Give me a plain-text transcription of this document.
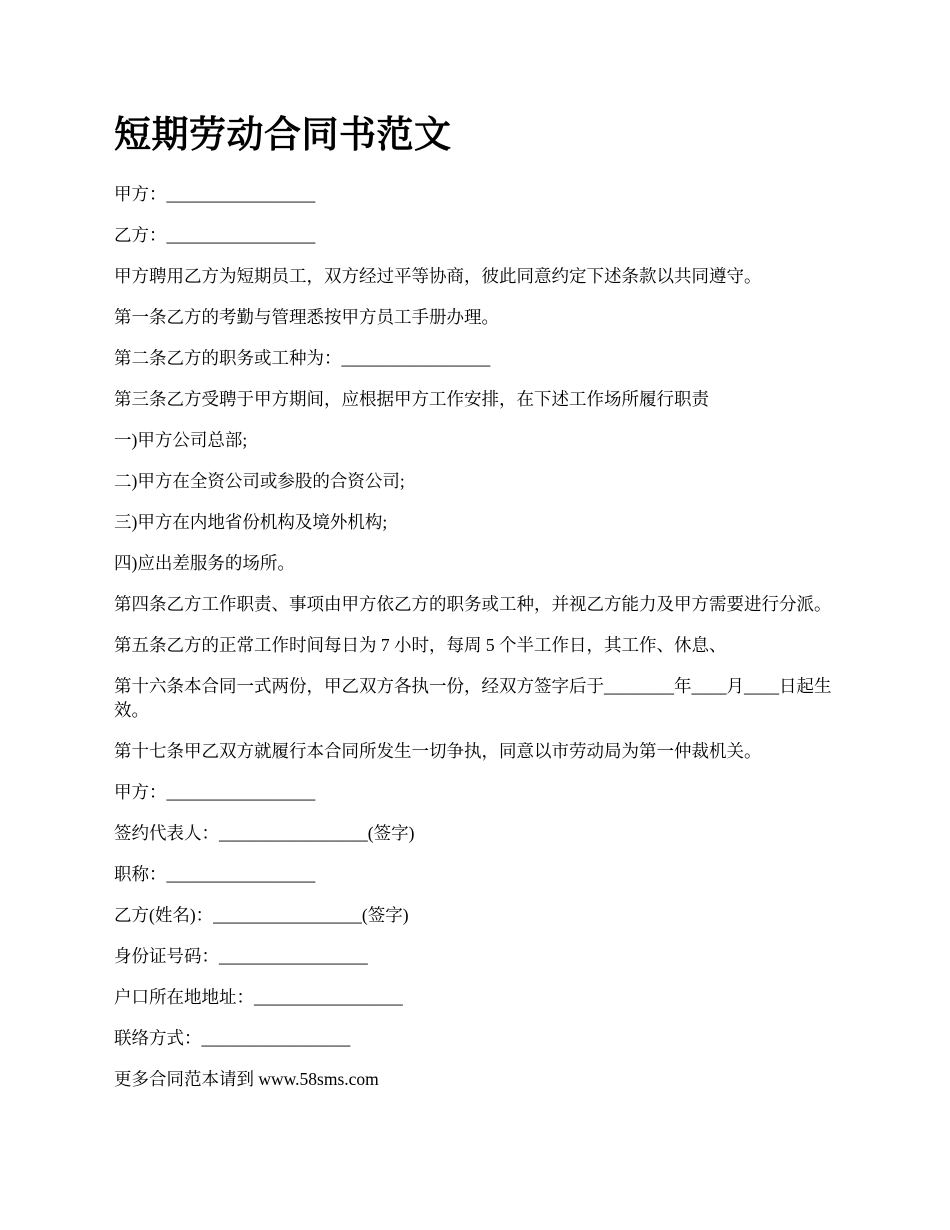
短期劳动合同书范文

甲方：_________________

乙方：_________________

甲方聘用乙方为短期员工，双方经过平等协商，彼此同意约定下述条款以共同遵守。

第一条乙方的考勤与管理悉按甲方员工手册办理。

第二条乙方的职务或工种为：_________________

第三条乙方受聘于甲方期间，应根据甲方工作安排，在下述工作场所履行职责

一)甲方公司总部;

二)甲方在全资公司或参股的合资公司;

三)甲方在内地省份机构及境外机构;

四)应出差服务的场所。

第四条乙方工作职责、事项由甲方依乙方的职务或工种，并视乙方能力及甲方需要进行分派。

第五条乙方的正常工作时间每日为 7 小时，每周 5 个半工作日，其工作、休息、

第十六条本合同一式两份，甲乙双方各执一份，经双方签字后于________年____月____日起生效。

第十七条甲乙双方就履行本合同所发生一切争执，同意以市劳动局为第一仲裁机关。

甲方：_________________

签约代表人：_________________(签字)

职称：_________________

乙方(姓名)：_________________(签字)

身份证号码：_________________

户口所在地地址：_________________

联络方式：_________________

更多合同范本请到 www.58sms.com
